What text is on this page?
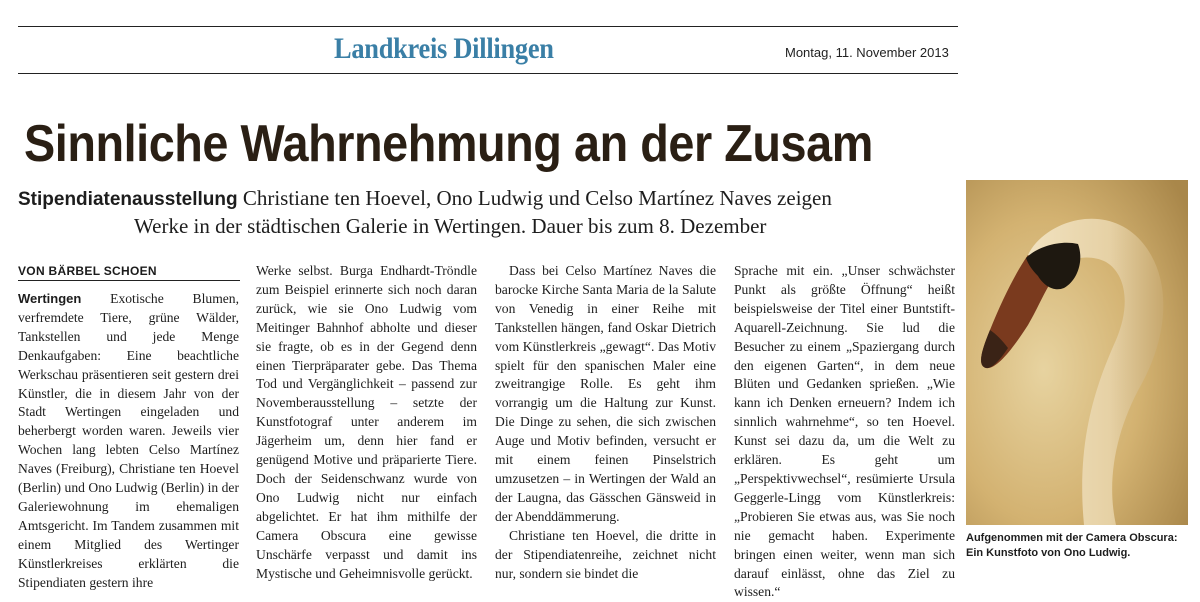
Landkreis Dillingen	Montag, 11. November 2013
Sinnliche Wahrnehmung an der Zusam
Stipendiatenausstellung Christiane ten Hoevel, Ono Ludwig und Celso Martínez Naves zeigen
Werke in der städtischen Galerie in Wertingen. Dauer bis zum 8. Dezember
VON BÄRBEL SCHOEN

Wertingen Exotische Blumen, verfremdete Tiere, grüne Wälder, Tankstellen und jede Menge Denkaufgaben: Eine beachtliche Werkschau präsentieren seit gestern drei Künstler, die in diesem Jahr von der Stadt Wertingen eingeladen und beherbergt worden waren. Jeweils vier Wochen lang lebten Celso Martínez Naves (Freiburg), Christiane ten Hoevel (Berlin) und Ono Ludwig (Berlin) in der Galeriewohnung im ehemaligen Amtsgericht. Im Tandem zusammen mit einem Mitglied des Wertinger Künstlerkreises erklärten die Stipendiaten gestern ihre

Werke selbst. Burga Endhardt-Tröndle zum Beispiel erinnerte sich noch daran zurück, wie sie Ono Ludwig vom Meitinger Bahnhof abholte und dieser sie fragte, ob es in der Gegend denn einen Tierpräparater gebe. Das Thema Tod und Vergänglichkeit – passend zur Novemberausstellung – setzte der Kunstfotograf unter anderem im Jägerheim um, denn hier fand er genügend Motive und präparierte Tiere. Doch der Seidenschwanz wurde von Ono Ludwig nicht nur einfach abgelichtet. Er hat ihm mithilfe der Camera Obscura eine gewisse Unschärfe verpasst und damit ins Mystische und Geheimnisvolle gerückt.

Dass bei Celso Martínez Naves die barocke Kirche Santa Maria de la Salute von Venedig in einer Reihe mit Tankstellen hängen, fand Oskar Dietrich vom Künstlerkreis „gewagt“. Das Motiv spielt für den spanischen Maler eine zweitrangige Rolle. Es geht ihm vorrangig um die Haltung zur Kunst. Die Dinge zu sehen, die sich zwischen Auge und Motiv befinden, versucht er mit einem feinen Pinselstrich umzusetzen – in Wertingen der Wald an der Laugna, das Gässchen Gänsweid in der Abenddämmerung.

Christiane ten Hoevel, die dritte in der Stipendiatenreihe, zeichnet nicht nur, sondern sie bindet die

Sprache mit ein. „Unser schwächster Punkt als größte Öffnung“ heißt beispielsweise der Titel einer Buntstift-Aquarell-Zeichnung. Sie lud die Besucher zu einem „Spaziergang durch den eigenen Garten“, in dem neue Blüten und Gedanken sprießen. „Wie kann ich Denken erneuern? Indem ich sinnlich wahrnehme“, so ten Hoevel. Kunst sei dazu da, um die Welt zu erklären. Es geht um „Perspektivwechsel“, resümierte Ursula Geggerle-Lingg vom Künstlerkreis: „Probieren Sie etwas aus, was Sie noch nie gemacht haben. Experimente bringen einen weiter, wenn man sich darauf einlässt, ohne das Ziel zu wissen.“

Aufgenommen mit der Camera Obscura:
Ein Kunstfoto von Ono Ludwig.
